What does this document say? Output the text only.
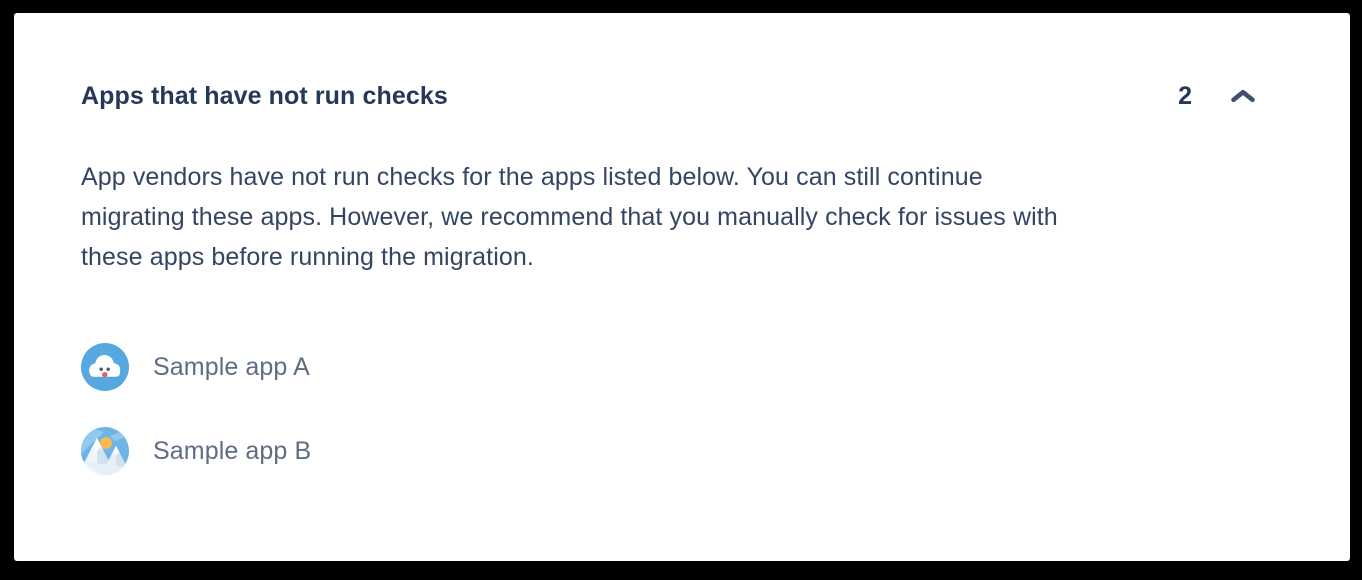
Apps that have not run checks	2
App vendors have not run checks for the apps listed below. You can still continue
migrating these apps. However, we recommend that you manually check for issues with
these apps before running the migration.
Sample app A
Sample app B
